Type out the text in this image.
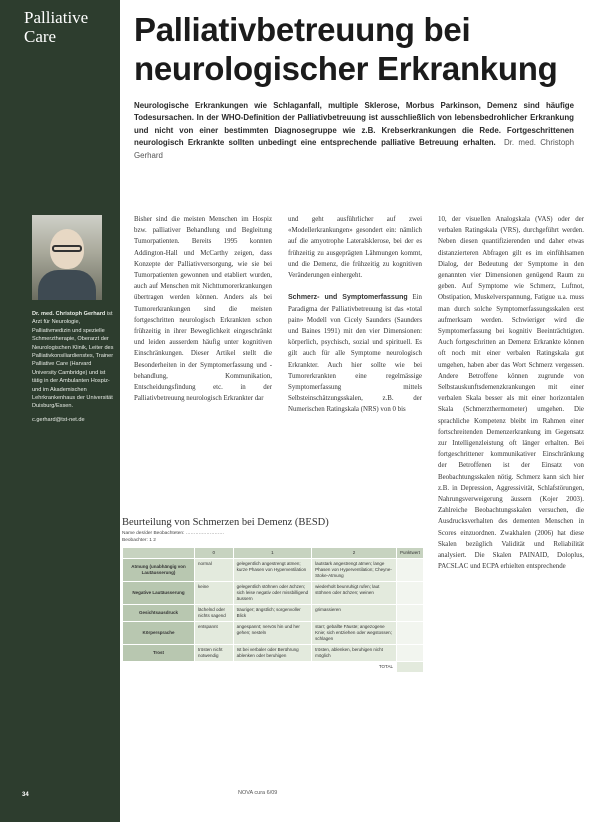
Palliative
Care
Dr. med. Christoph Gerhard ist Arzt für Neurologie, Palliativmedizin und spezielle Schmerztherapie, Oberarzt der Neurologischen Klinik, Leiter des Palliativkonsiliardienstes, Trainer Palliative Care (Harvard University Cambridge) und ist tätig in der Ambulanten Hospiz- und im Akademischen Lehrkrankenhaus der Universität Duisburg/Essen.
c.gerhard@tst-net.de
34
Palliativbetreuung bei neurologischer Erkrankung
Neurologische Erkrankungen wie Schlaganfall, multiple Sklerose, Morbus Parkinson, Demenz sind häufige Todesursachen. In der WHO-Definition der Palliativbetreuung ist ausschließlich von lebensbedrohlicher Erkrankung und nicht von einer bestimmten Diagnosegruppe wie z.B. Krebserkrankungen die Rede. Fortgeschrittenen neurologisch Erkrankte sollten unbedingt eine entsprechende palliative Betreuung erhalten. Dr. med. Christoph Gerhard
Bisher sind die meisten Menschen im Hospiz bzw. palliativer Behandlung und Begleitung Tumorpatienten. Bereits 1995 konnten Addington-Hall und McCarthy zeigen, dass Konzepte der Palliativversorgung, wie sie bei Tumorpatienten gewonnen und etabliert wurden, auch auf Menschen mit Nichttumorerkrankungen übertragen werden können. Anders als bei Tumorerkrankungen sind die meisten fortgeschritten neurologisch Erkrankten schon frühzeitig in ihrer Beweglichkeit eingeschränkt und leiden ausserdem häufig unter kognitiven Einschränkungen. Dieser Artikel stellt die Besonderheiten in der Symptomerfassung und -behandlung, Kommunikation, Entscheidungsfindung etc. in der Palliativbetreuung neurologisch Erkrankter dar
und geht ausführlicher auf zwei «Modellerkrankungen» gesondert ein: nämlich auf die amyotrophe Lateralsklerose, bei der es frühzeitig zu ausgeprägten Lähmungen kommt, und die Demenz, die frühzeitig zu kognitiven Veränderungen einhergeht.

Schmerz- und Symptomerfassung Ein Paradigma der Palliativbetreuung ist das «total pain» Modell von Cicely Saunders (Saunders und Baines 1991) mit den vier Dimensionen: körperlich, psychisch, sozial und spirituell. Es gilt auch für alle Symptome neurologisch Erkrankter. Auch hier sollte wie bei Tumorerkrankten eine regelmässige Symptomerfassung mittels Selbsteinschätzungsskalen, z.B. der Numerischen Ratingskala (NRS) von 0 bis
10, der visuellen Analogskala (VAS) oder der verbalen Ratingskala (VRS), durchgeführt werden. Neben diesen quantifizierenden und daher etwas distanzierteren Abfragen gilt es im einfühlsamen Dialog, der Bedeutung der Symptome in den genannten vier Dimensionen genügend Raum zu geben. Auf Symptome wie Schmerz, Luftnot, Obstipation, Muskelverspannung, Fatigue u.a. muss man durch solche Symptomerfassungsskalen erst aufmerksam werden. Schwieriger wird die Symptomerfassung bei kognitiv Beeinträchtigten. Auch fortgeschritten an Demenz Erkrankte können oft noch mit einer verbalen Ratingskala gut umgehen, haben aber das Wort Schmerz vergessen. Andere Betroffene können zugrunde von Selbstauskunftsdemenzkrankungen mit einer verbalen Skala besser als mit einer horizontalen Skala (Schmerzthermometer) umgehen. Die sprachliche Kompetenz bleibt im Rahmen einer fortschreitenden Demenzerkrankung im Gegensatz zur Intelligenzleistung oft länger erhalten. Bei fortgeschrittener kommunikativer Einschränkung der Betroffenen ist der Einsatz von Beobachtungsskalen nötig. Schmerz kann sich hier z.B. in Depression, Aggressivität, Schlafstörungen, Nahrungsverweigerung äussern (Kojer 2003). Zahlreiche Beobachtungsskalen versuchen, die Ausdrucksverhalten des dementen Menschen in Scores einzuordnen. Zwakhalen (2006) hat diese Skalen bezüglich Validität und Reliabilität analysiert. Die Skalen PAINAID, Doloplus, PACSLAC und ECPA erhielten entsprechende
Beurteilung von Schmerzen bei Demenz (BESD)
Name des/der Beobachteten: ……………………
Beobachter: 1 2
	0	1	2	Punktwert
Atmung (unabhängig von Lautäusserung)	normal	gelegentlich angestrengt atmen; kurze Phasen von Hyperventilation	lautstark angestrengt atmen; lange Phasen von Hyperventilation; Cheyne-Stoke-Atmung	
Negative Lautäusserung	keine	gelegentlich stöhnen oder ächzen; sich leise negativ oder missbilligend äussern	wiederholt beunruhigt rufen; laut stöhnen oder ächzen; weinen	
Gesichtsausdruck	lächelnd oder nichts sagend	trauriger; ängstlich; sorgenvoller Blick	grimassieren	
Körpersprache	entspannt	angespannt; nervös hin und her gehen; nesteln	starr; geballte Fäuste; angezogene Knie; sich entziehen oder wegstossen; schlagen	
Trost	trösten nicht notwendig	Ist bei verbaler oder Berührung ablenken oder beruhigen	trösten, ablenken, beruhigen nicht möglich	
TOTAL				
NOVA cura 6/09
